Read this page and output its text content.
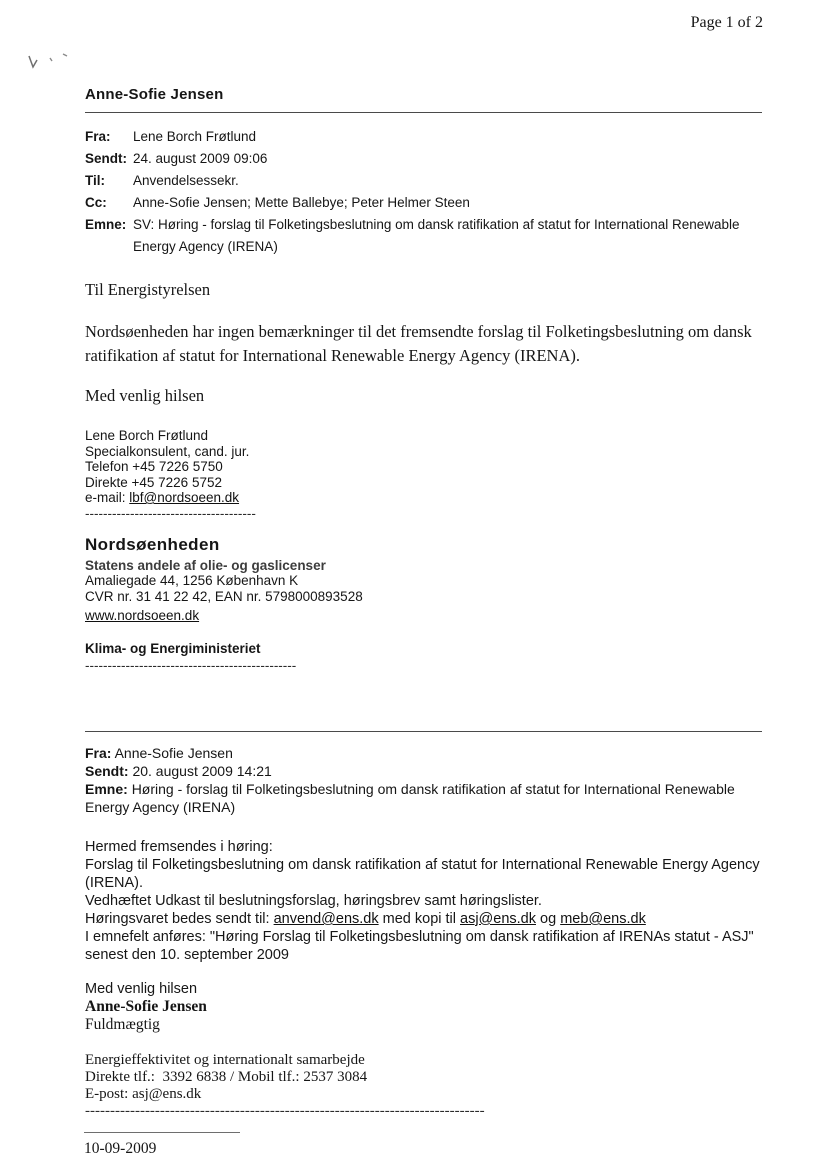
Page 1 of 2
Anne-Sofie Jensen
Fra:	Lene Borch Frøtlund
Sendt: 24. august 2009 09:06
Til:	Anvendelsessekr.
Cc:	Anne-Sofie Jensen; Mette Ballebye; Peter Helmer Steen
Emne: SV: Høring - forslag til Folketingsbeslutning om dansk ratifikation af statut for International Renewable Energy Agency (IRENA)

Til Energistyrelsen

Nordsøenheden har ingen bemærkninger til det fremsendte forslag til Folketingsbeslutning om dansk ratifikation af statut for International Renewable Energy Agency (IRENA).

Med venlig hilsen

Lene Borch Frøtlund
Specialkonsulent, cand. jur.
Telefon +45 7226 5750
Direkte +45 7226 5752
e-mail: lbf@nordsoeen.dk
--------------------------------------
Nordsøenheden
Statens andele af olie- og gaslicenser
Amaliegade 44, 1256 København K
CVR nr. 31 41 22 42, EAN nr. 5798000893528
www.nordsoeen.dk
Klima- og Energiministeriet
-----------------------------------------------

Fra: Anne-Sofie Jensen

Sendt: 20. august 2009 14:21

Emne: Høring - forslag til Folketingsbeslutning om dansk ratifikation af statut for International Renewable Energy Agency (IRENA)

Hermed fremsendes i høring:

Forslag til Folketingsbeslutning om dansk ratifikation af statut for International Renewable Energy Agency (IRENA).

Vedhæftet Udkast til beslutningsforslag, høringsbrev samt høringslister.

Høringsvaret bedes sendt til: anvend@ens.dk med kopi til asj@ens.dk og meb@ens.dk

I emnefelt anføres: "Høring Forslag til Folketingsbeslutning om dansk ratifikation af IRENAs statut - ASJ"

senest den 10. september 2009

Med venlig hilsen

Anne-Sofie Jensen

Fuldmægtig

Energieffektivitet og internationalt samarbejde
Direkte tlf.:  3392 6838 / Mobil tlf.: 2537 3084
E-post: asj@ens.dk
--------------------------------------------------------------------------------
10-09-2009
